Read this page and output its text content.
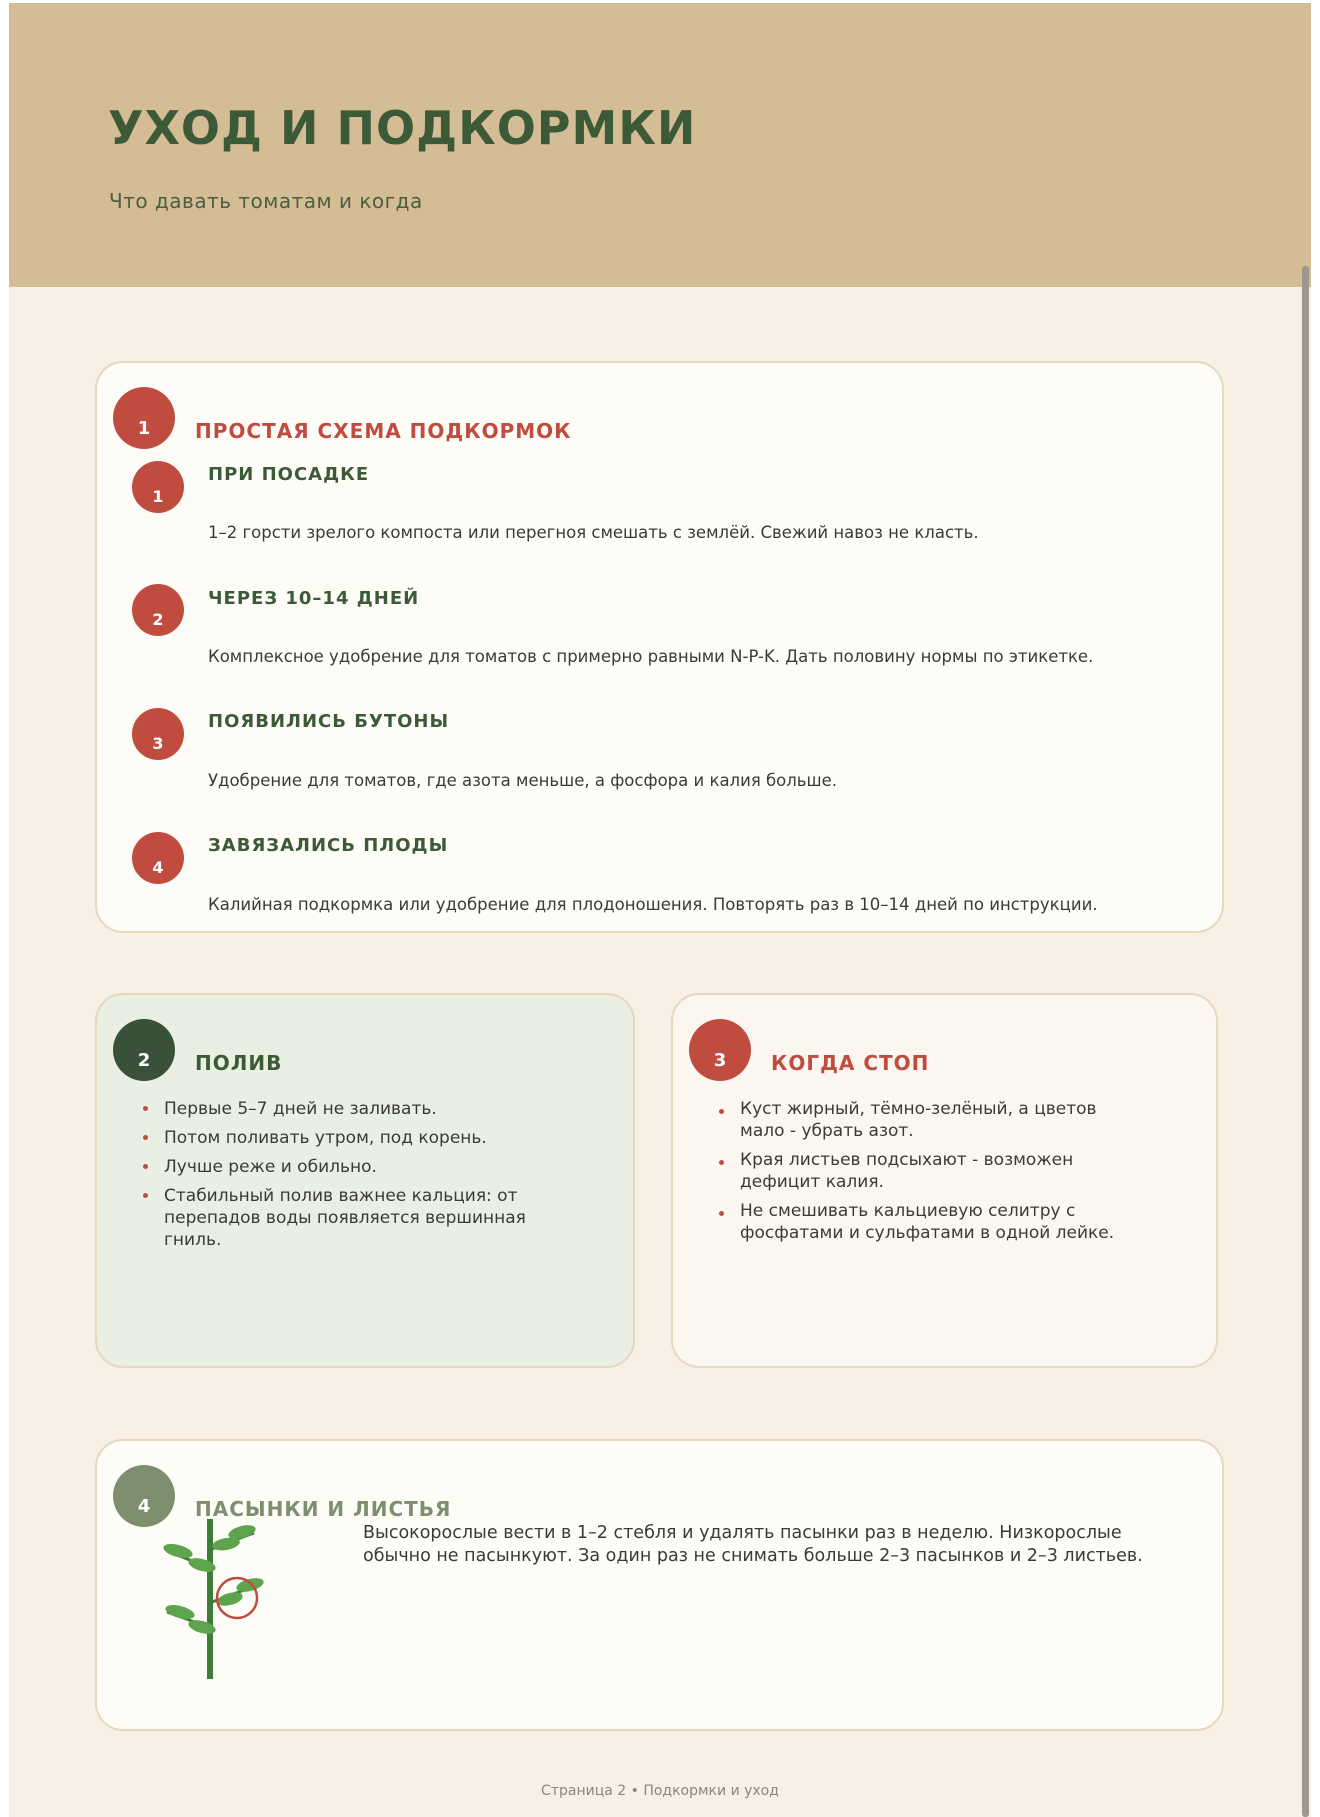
УХОД И ПОДКОРМКИ
Что давать томатам и когда
1	ПРОСТАЯ СХЕМА ПОДКОРМОК
1
ПРИ ПОСАДКЕ
1–2 горсти зрелого компоста или перегноя смешать с землёй. Свежий навоз не класть.
2
ЧЕРЕЗ 10–14 ДНЕЙ
Комплексное удобрение для томатов с примерно равными N-P-K. Дать половину нормы по этикетке.
3
ПОЯВИЛИСЬ БУТОНЫ
Удобрение для томатов, где азота меньше, а фосфора и калия больше.
4
ЗАВЯЗАЛИСЬ ПЛОДЫ
Калийная подкормка или удобрение для плодоношения. Повторять раз в 10–14 дней по инструкции.
2	ПОЛИВ
Первые 5–7 дней не заливать.
Потом поливать утром, под корень.
Лучше реже и обильно.
Стабильный полив важнее кальция: от перепадов воды появляется вершинная гниль.
3	КОГДА СТОП
Куст жирный, тёмно-зелёный, а цветов мало - убрать азот.
Края листьев подсыхают - возможен дефицит калия.
Не смешивать кальциевую селитру с фосфатами и сульфатами в одной лейке.
4	ПАСЫНКИ И ЛИСТЬЯ
Высокорослые вести в 1–2 стебля и удалять пасынки раз в неделю. Низкорослые обычно не пасынкуют. За один раз не снимать больше 2–3 пасынков и 2–3 листьев.
Страница 2 • Подкормки и уход
